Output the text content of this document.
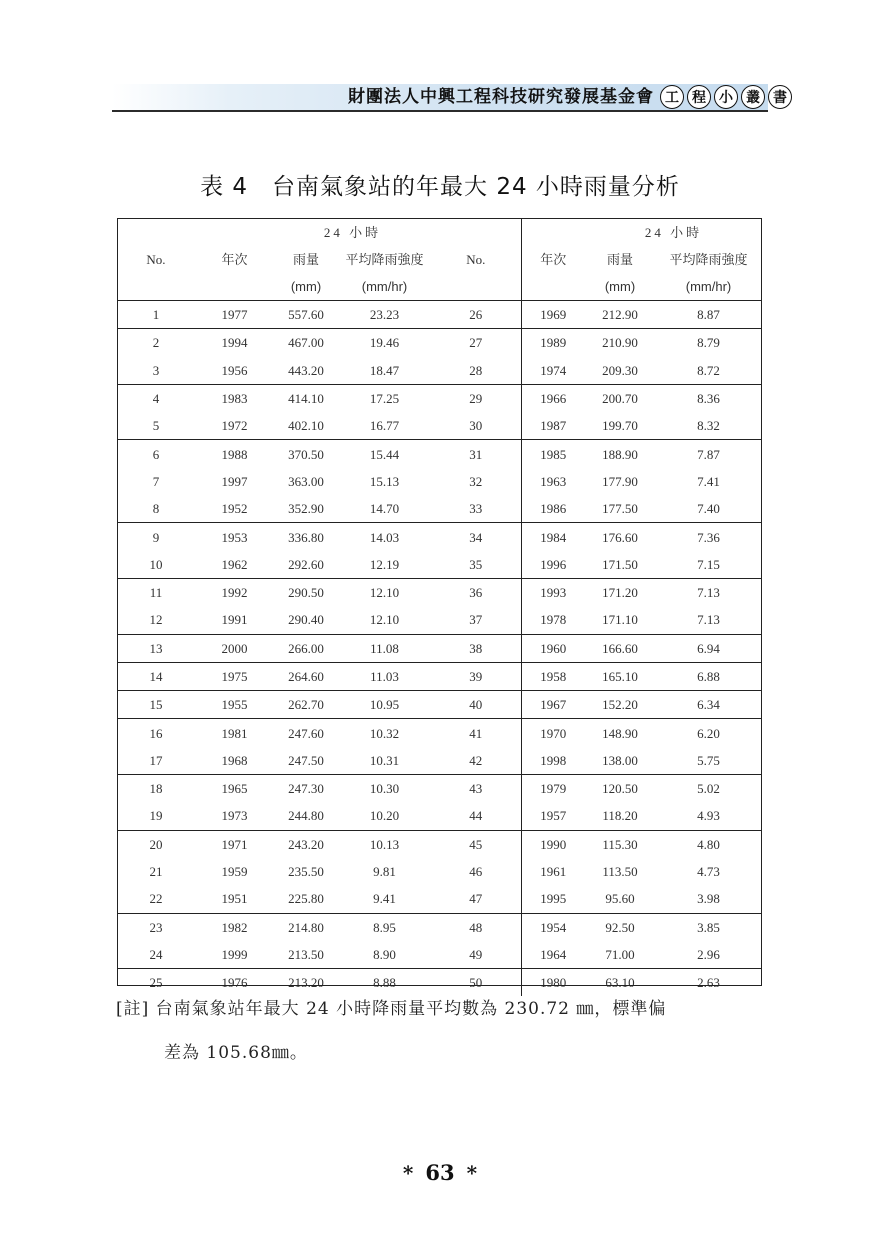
財團法人中興工程科技研究發展基金會 工 程 小 叢 書
表 4　台南氣象站的年最大 24 小時雨量分析
		24 小時				24 小時	
No.	年次	雨量	平均降雨強度	No.	年次	雨量	平均降雨強度
		(mm)	(mm/hr)			(mm)	(mm/hr)
1	1977	557.60	23.23	26	1969	212.90	8.87
2	1994	467.00	19.46	27	1989	210.90	8.79
3	1956	443.20	18.47	28	1974	209.30	8.72
4	1983	414.10	17.25	29	1966	200.70	8.36
5	1972	402.10	16.77	30	1987	199.70	8.32
6	1988	370.50	15.44	31	1985	188.90	7.87
7	1997	363.00	15.13	32	1963	177.90	7.41
8	1952	352.90	14.70	33	1986	177.50	7.40
9	1953	336.80	14.03	34	1984	176.60	7.36
10	1962	292.60	12.19	35	1996	171.50	7.15
11	1992	290.50	12.10	36	1993	171.20	7.13
12	1991	290.40	12.10	37	1978	171.10	7.13
13	2000	266.00	11.08	38	1960	166.60	6.94
14	1975	264.60	11.03	39	1958	165.10	6.88
15	1955	262.70	10.95	40	1967	152.20	6.34
16	1981	247.60	10.32	41	1970	148.90	6.20
17	1968	247.50	10.31	42	1998	138.00	5.75
18	1965	247.30	10.30	43	1979	120.50	5.02
19	1973	244.80	10.20	44	1957	118.20	4.93
20	1971	243.20	10.13	45	1990	115.30	4.80
21	1959	235.50	9.81	46	1961	113.50	4.73
22	1951	225.80	9.41	47	1995	95.60	3.98
23	1982	214.80	8.95	48	1954	92.50	3.85
24	1999	213.50	8.90	49	1964	71.00	2.96
25	1976	213.20	8.88	50	1980	63.10	2.63
[註] 台南氣象站年最大 24 小時降雨量平均數為 230.72 ㎜，標準偏
差為 105.68㎜。
* 63 *
